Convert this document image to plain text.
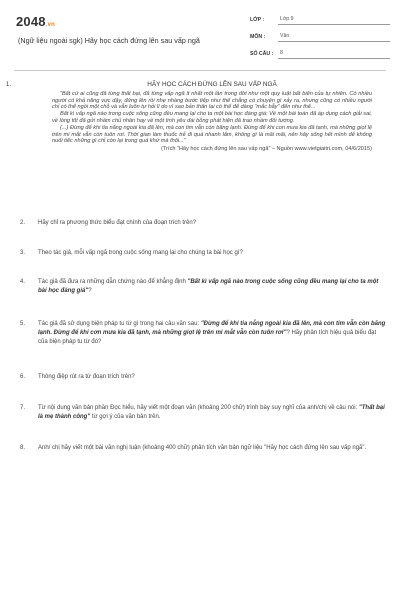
2048.vn
(Ngữ liệu ngoài sgk) Hãy học cách đứng lên sau vấp ngã
LỚP :	Lớp 9
MÔN :	Văn
SỐ CÂU :	8
1.	HÃY HỌC CÁCH ĐỨNG LÊN SAU VẤP NGÃ

“Bất cứ ai cũng đã từng thất bại, đã từng vấp ngã ít nhất một lần trong đời như một quy luật bất biến của tự nhiên. Có nhiều người có khả năng vực dậy, đứng lên rồi nhẹ nhàng bước tiếp như thể chẳng có chuyện gì xảy ra, nhưng cũng có nhiều người chỉ có thể ngồi một chỗ và vẫn luôn tự hỏi lí do vì sao bản thân lại có thể để dàng “mắc bẫy” đến như thế...

Bất kì vấp ngã nào trong cuộc sống cũng đều mang lại cho ta một bài học đáng giá: Về một bài toán đã áp dụng cách giải sai, về lòng tốt đã gửi nhầm chủ nhân hay về một tình yêu dài bỗng phát hiện đã trao nhầm đối tượng.

(...) Đừng để khi tia nắng ngoài kia đã lên, mà con tim vẫn còn băng lạnh. Đừng để khi con mưa kia đã tạnh, mà những giọt lệ trên mi mắt vẫn còn tuôn rơi. Thời gian làm thuốc trẻ đi quá nhanh lắm, không gì là mãi mãi, nên hãy sống hết mình để không nuối tiếc những gì chỉ còn lại trong quá khứ mà thôi...”

(Trích “Hãy học cách đứng lên sau vấp ngã” – Nguồn www.vietgiaitri.com, 04/6/2015)
2.	Hãy chỉ ra phương thức biểu đạt chính của đoạn trích trên?
3.	Theo tác giả, mỗi vấp ngã trong cuộc sống mang lại cho chúng ta bài học gì?
4.	Tác giả đã đưa ra những dẫn chứng nào để khẳng định "Bất kì vấp ngã nào trong cuộc sống cũng đều mang lại cho ta một bài học đáng giá"?
5.	Tác giả đã sử dụng biện pháp tu từ gì trong hai câu văn sau: "Đừng để khi tia nắng ngoài kia đã lên, mà con tim vẫn còn băng lạnh. Đừng để khi cơn mưa kia đã tạnh, mà những giọt lệ trên mi mắt vẫn còn tuôn rơi"? Hãy phân tích hiệu quả biểu đạt của biện pháp tu từ đó?
6.	Thông điệp rút ra từ đoạn trích trên?
7.	Từ nội dung văn bản phần Đọc hiểu, hãy viết một đoạn văn (khoảng 200 chữ) trình bày suy nghĩ của anh/chị về câu nói: "Thất bại là mẹ thành công" từ gợi ý của văn bản trên.
8.	Anh/ chị hãy viết một bài văn nghị luận (khoảng 400 chữ) phân tích văn bản ngữ liệu "Hãy học cách đứng lên sau vấp ngã".
